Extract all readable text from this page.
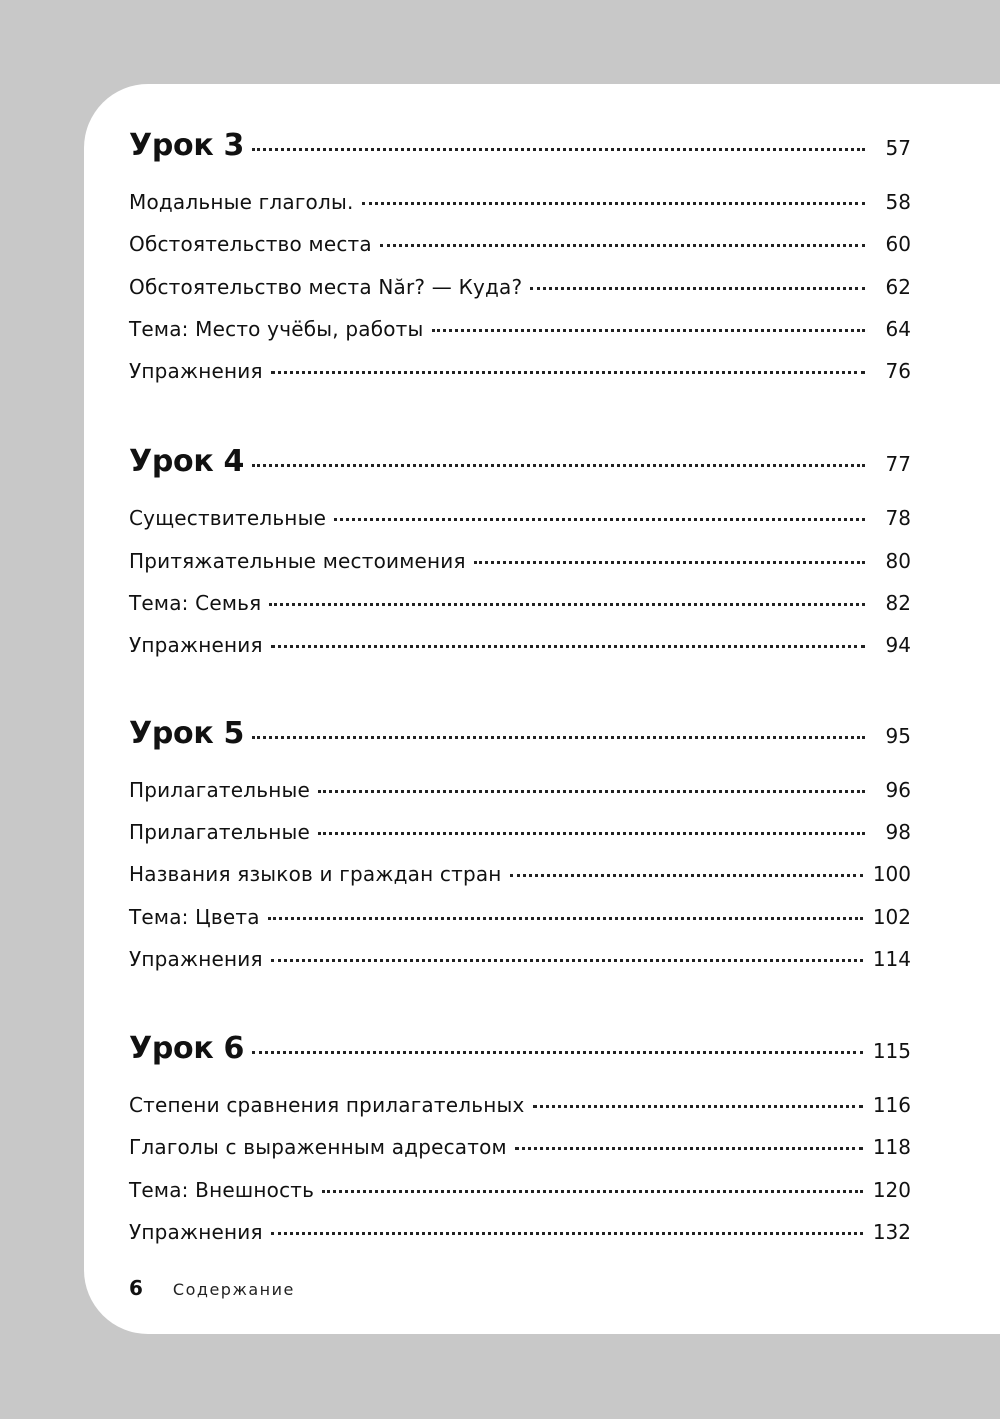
Урок 3	57
Модальные глаголы.	58
Обстоятельство места	60
Обстоятельство места Năr? — Куда?	62
Тема: Место учёбы, работы	64
Упражнения	76
Урок 4	77
Существительные	78
Притяжательные местоимения	80
Тема: Семья	82
Упражнения	94
Урок 5	95
Прилагательные	96
Прилагательные	98
Названия языков и граждан стран	100
Тема: Цвета	102
Упражнения	114
Урок 6	115
Степени сравнения прилагательных	116
Глаголы с выраженным адресатом	118
Тема: Внешность	120
Упражнения	132
6 Содержание
